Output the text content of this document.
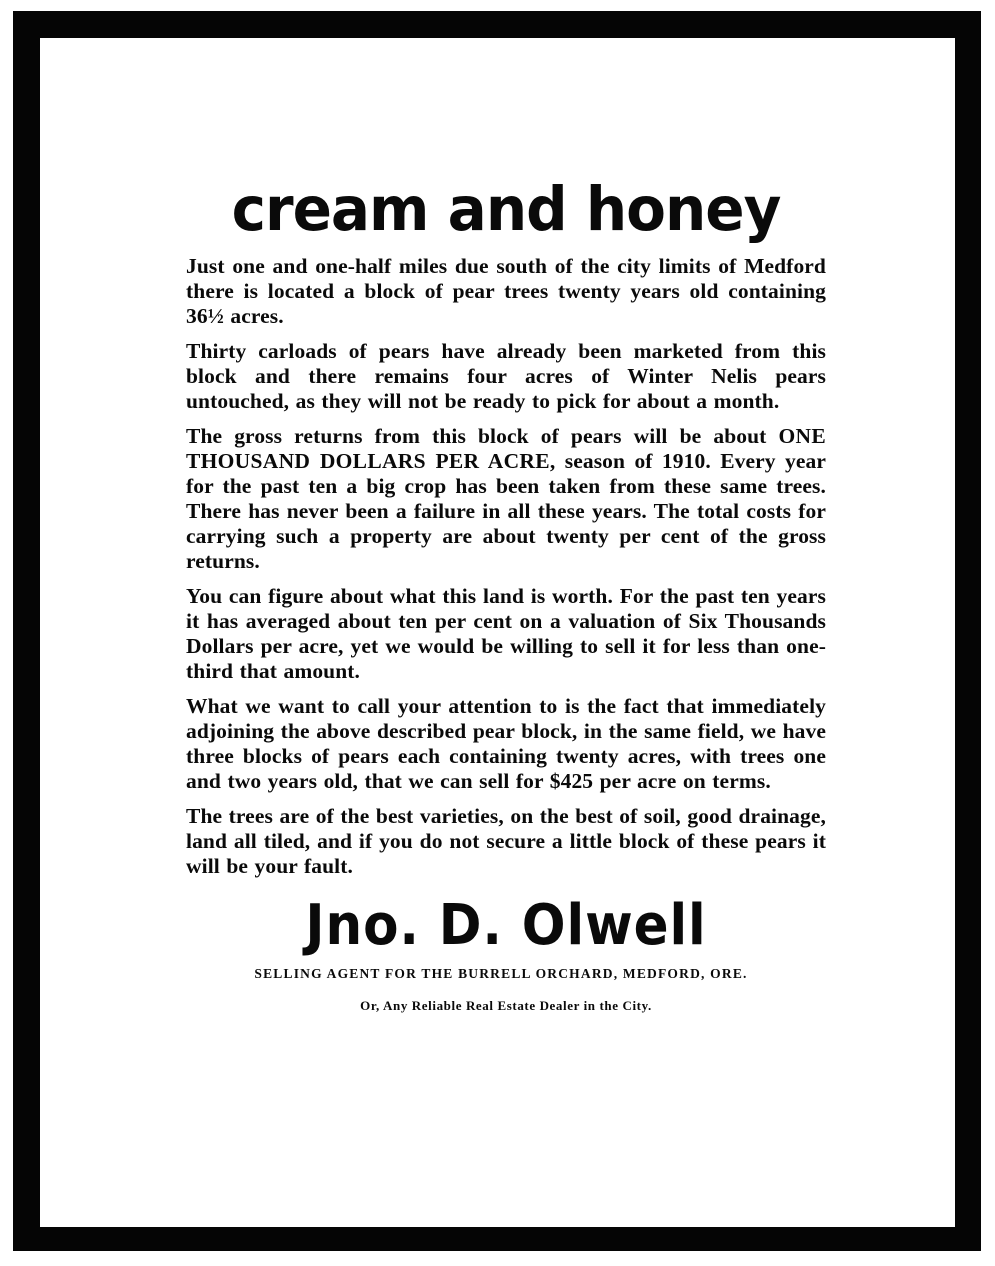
cream and honey

Just one and one-half miles due south of the city limits of Medford there is located a block of pear trees twenty years old containing 36½ acres.

Thirty carloads of pears have already been marketed from this block and there remains four acres of Winter Nelis pears untouched, as they will not be ready to pick for about a month.

The gross returns from this block of pears will be about ONE THOUSAND DOLLARS PER ACRE, season of 1910. Every year for the past ten a big crop has been taken from these same trees. There has never been a failure in all these years. The total costs for carrying such a property are about twenty per cent of the gross returns.

You can figure about what this land is worth. For the past ten years it has averaged about ten per cent on a valuation of Six Thousands Dollars per acre, yet we would be willing to sell it for less than one-third that amount.

What we want to call your attention to is the fact that immediately adjoining the above described pear block, in the same field, we have three blocks of pears each containing twenty acres, with trees one and two years old, that we can sell for $425 per acre on terms.

The trees are of the best varieties, on the best of soil, good drainage, land all tiled, and if you do not secure a little block of these pears it will be your fault.

Jno. D. Olwell
SELLING AGENT FOR THE BURRELL ORCHARD, MEDFORD, ORE.
Or, Any Reliable Real Estate Dealer in the City.
